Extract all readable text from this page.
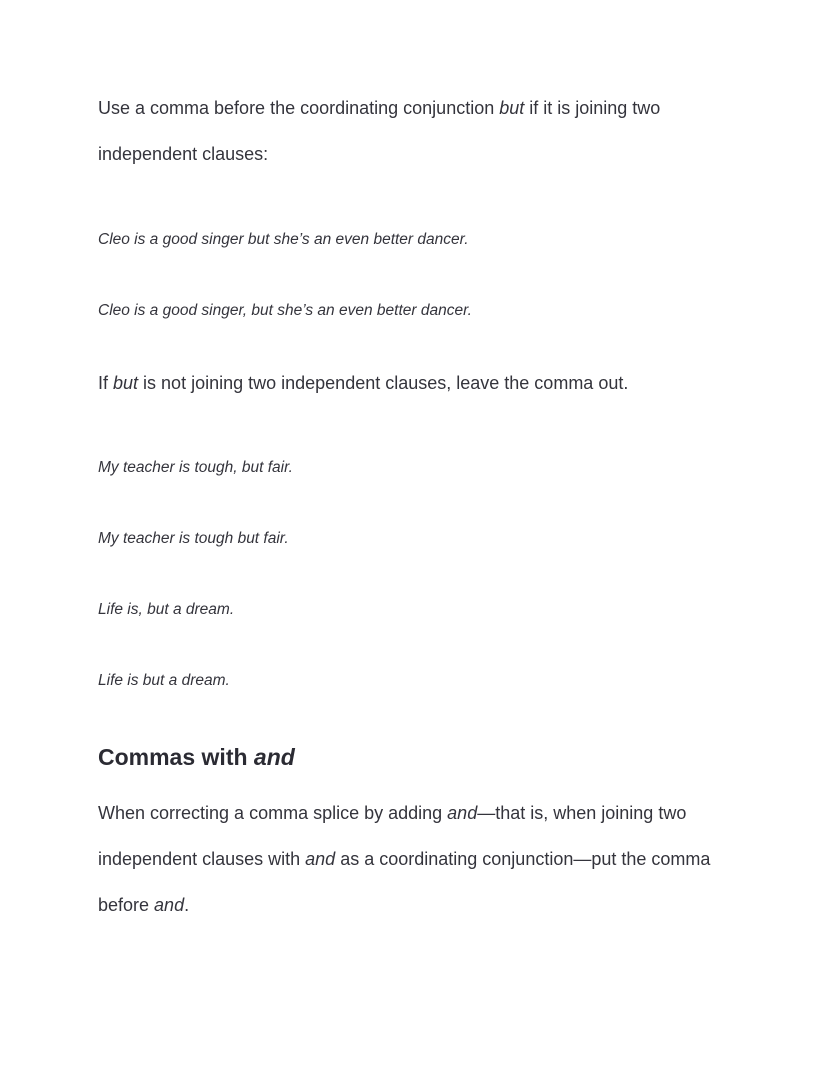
Use a comma before the coordinating conjunction but if it is joining two independent clauses:

Cleo is a good singer but she’s an even better dancer.

Cleo is a good singer, but she’s an even better dancer.

If but is not joining two independent clauses, leave the comma out.

My teacher is tough, but fair.

My teacher is tough but fair.

Life is, but a dream.

Life is but a dream.

Commas with and

When correcting a comma splice by adding and—that is, when joining two independent clauses with and as a coordinating conjunction—put the comma before and.
